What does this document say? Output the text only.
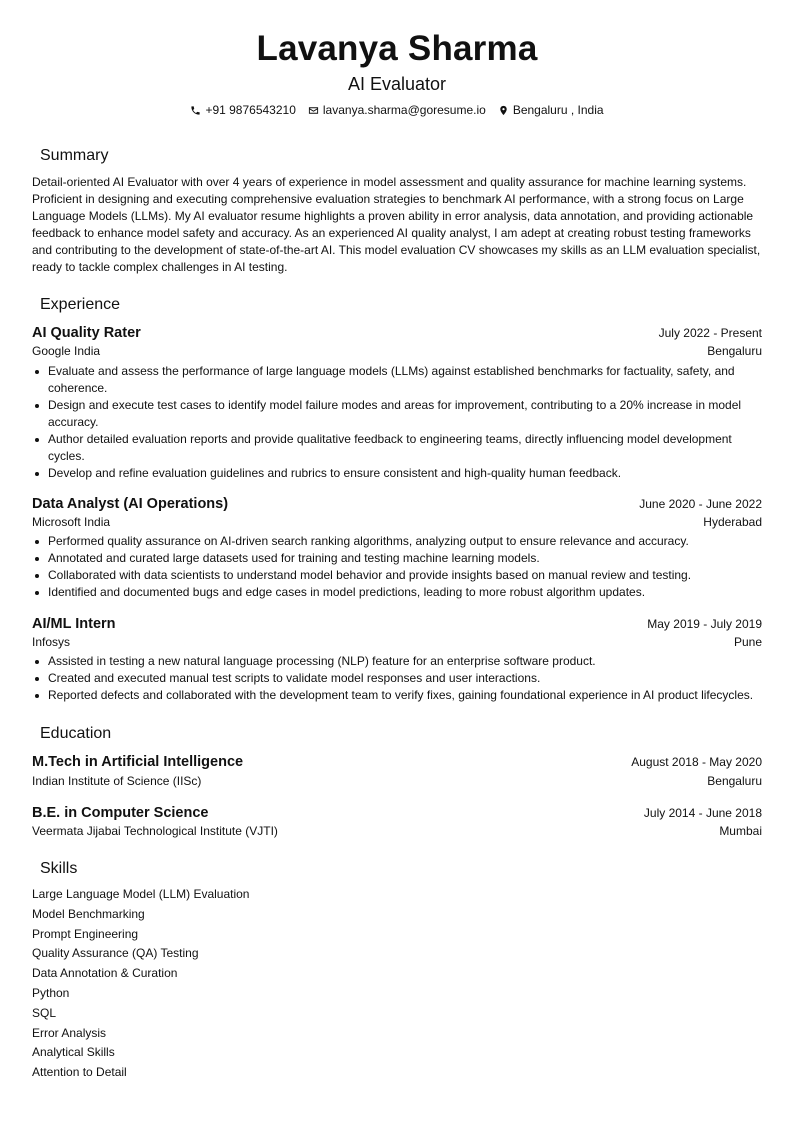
Lavanya Sharma
AI Evaluator
+91 9876543210 lavanya.sharma@goresume.io Bengaluru , India
Summary
Detail-oriented AI Evaluator with over 4 years of experience in model assessment and quality assurance for machine learning systems. Proficient in designing and executing comprehensive evaluation strategies to benchmark AI performance, with a strong focus on Large Language Models (LLMs). My AI evaluator resume highlights a proven ability in error analysis, data annotation, and providing actionable feedback to enhance model safety and accuracy. As an experienced AI quality analyst, I am adept at creating robust testing frameworks and contributing to the development of state-of-the-art AI. This model evaluation CV showcases my skills as an LLM evaluation specialist, ready to tackle complex challenges in AI testing.
Experience
AI Quality Rater	July 2022 - Present
Google India	Bengaluru
Evaluate and assess the performance of large language models (LLMs) against established benchmarks for factuality, safety, and coherence.
Design and execute test cases to identify model failure modes and areas for improvement, contributing to a 20% increase in model accuracy.
Author detailed evaluation reports and provide qualitative feedback to engineering teams, directly influencing model development cycles.
Develop and refine evaluation guidelines and rubrics to ensure consistent and high-quality human feedback.
Data Analyst (AI Operations)	June 2020 - June 2022
Microsoft India	Hyderabad
Performed quality assurance on AI-driven search ranking algorithms, analyzing output to ensure relevance and accuracy.
Annotated and curated large datasets used for training and testing machine learning models.
Collaborated with data scientists to understand model behavior and provide insights based on manual review and testing.
Identified and documented bugs and edge cases in model predictions, leading to more robust algorithm updates.
AI/ML Intern	May 2019 - July 2019
Infosys	Pune
Assisted in testing a new natural language processing (NLP) feature for an enterprise software product.
Created and executed manual test scripts to validate model responses and user interactions.
Reported defects and collaborated with the development team to verify fixes, gaining foundational experience in AI product lifecycles.
Education
M.Tech in Artificial Intelligence	August 2018 - May 2020
Indian Institute of Science (IISc)	Bengaluru
B.E. in Computer Science	July 2014 - June 2018
Veermata Jijabai Technological Institute (VJTI)	Mumbai
Skills
Large Language Model (LLM) Evaluation
Model Benchmarking
Prompt Engineering
Quality Assurance (QA) Testing
Data Annotation & Curation
Python
SQL
Error Analysis
Analytical Skills
Attention to Detail
